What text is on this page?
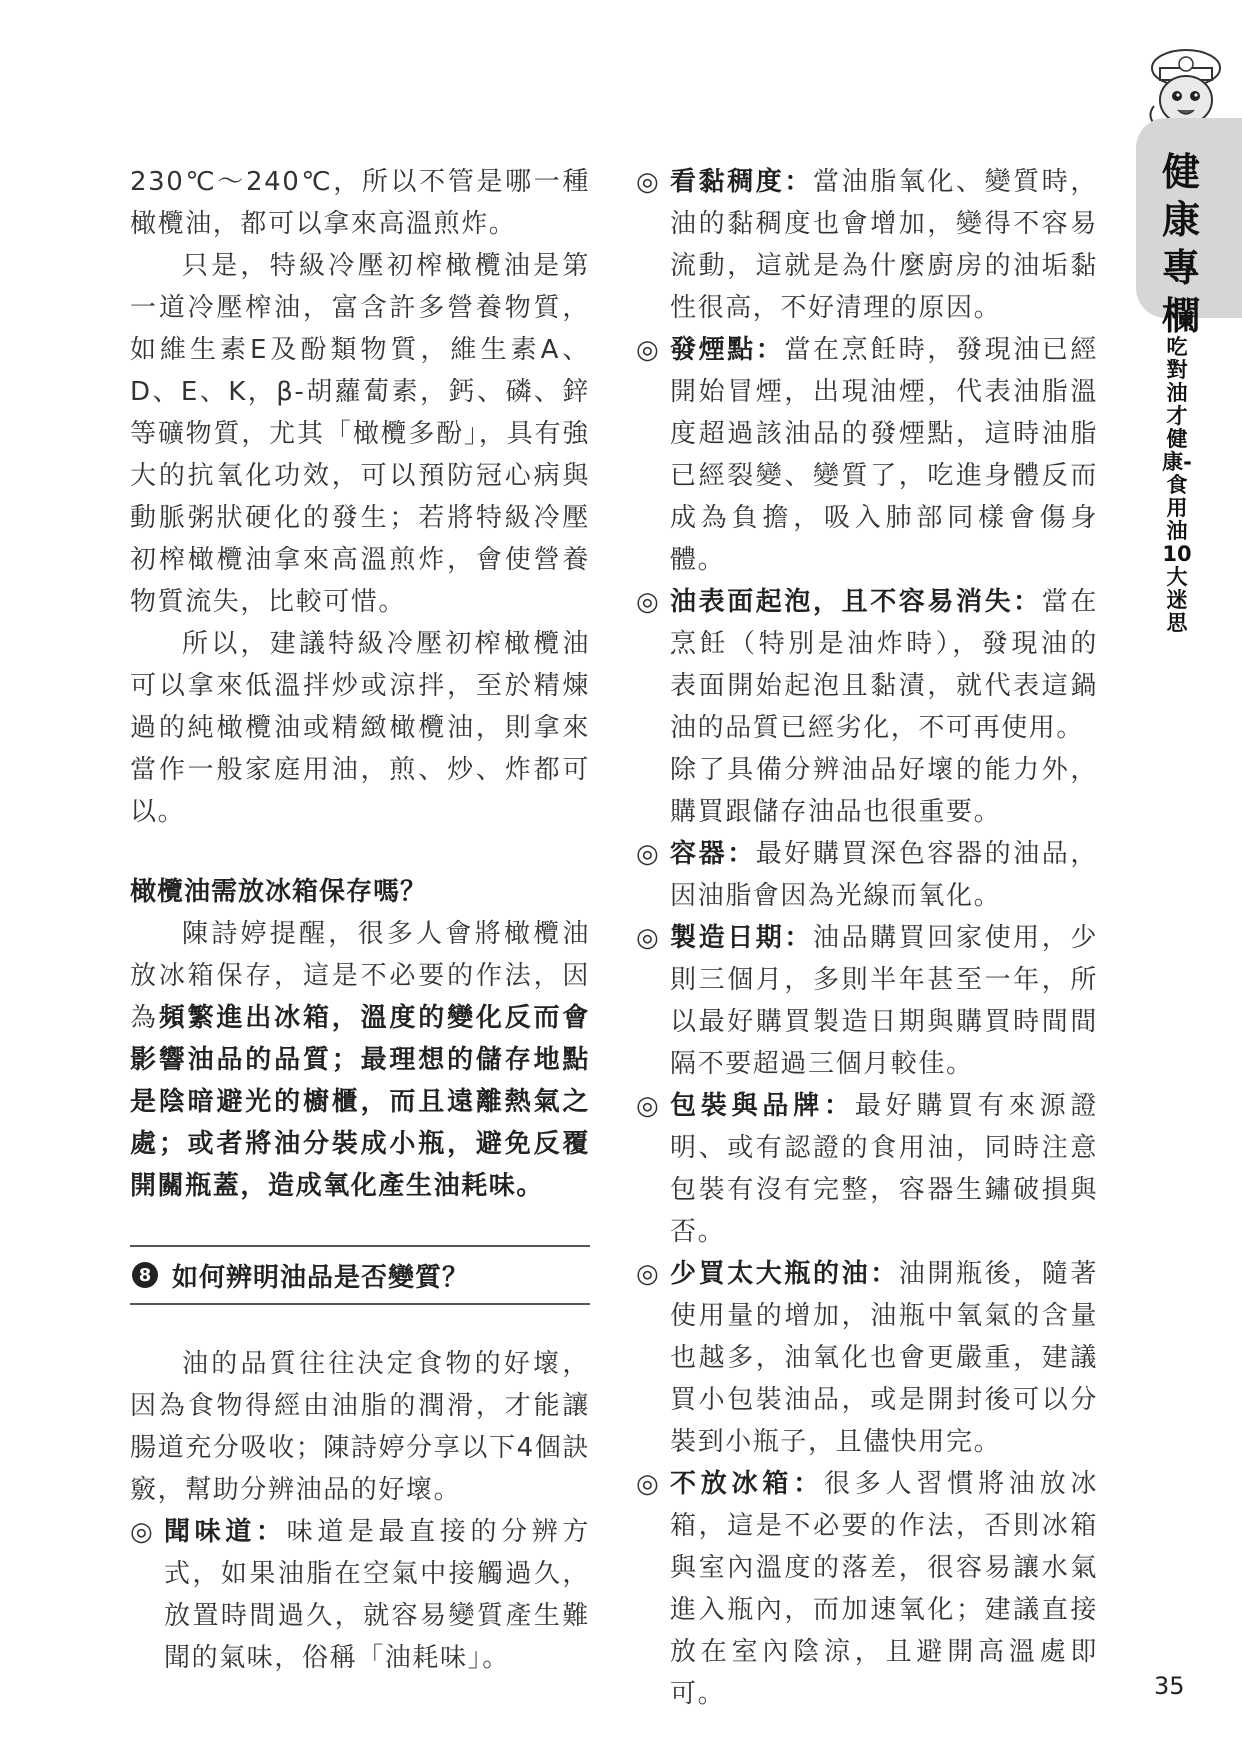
健康專欄
吃對油才健康-食用油10大迷思

230℃～240℃，所以不管是哪一種橄欖油，都可以拿來高溫煎炸。

只是，特級冷壓初榨橄欖油是第一道冷壓榨油，富含許多營養物質，如維生素E及酚類物質，維生素A、D、E、K，β-胡蘿蔔素，鈣、磷、鋅等礦物質，尤其「橄欖多酚」，具有強大的抗氧化功效，可以預防冠心病與動脈粥狀硬化的發生；若將特級冷壓初榨橄欖油拿來高溫煎炸，會使營養物質流失，比較可惜。

所以，建議特級冷壓初榨橄欖油可以拿來低溫拌炒或涼拌，至於精煉過的純橄欖油或精緻橄欖油，則拿來當作一般家庭用油，煎、炒、炸都可以。

橄欖油需放冰箱保存嗎？

陳詩婷提醒，很多人會將橄欖油放冰箱保存，這是不必要的作法，因為頻繁進出冰箱，溫度的變化反而會影響油品的品質；最理想的儲存地點是陰暗避光的櫥櫃，而且遠離熱氣之處；或者將油分裝成小瓶，避免反覆開關瓶蓋，造成氧化產生油耗味。

8 如何辨明油品是否變質？

油的品質往往決定食物的好壞，因為食物得經由油脂的潤滑，才能讓腸道充分吸收；陳詩婷分享以下4個訣竅，幫助分辨油品的好壞。

◎ 聞味道：味道是最直接的分辨方式，如果油脂在空氣中接觸過久，放置時間過久，就容易變質產生難聞的氣味，俗稱「油耗味」。
◎ 看黏稠度：當油脂氧化、變質時，油的黏稠度也會增加，變得不容易流動，這就是為什麼廚房的油垢黏性很高，不好清理的原因。
◎ 發煙點：當在烹飪時，發現油已經開始冒煙，出現油煙，代表油脂溫度超過該油品的發煙點，這時油脂已經裂變、變質了，吃進身體反而成為負擔，吸入肺部同樣會傷身體。
◎ 油表面起泡，且不容易消失：當在烹飪（特別是油炸時），發現油的表面開始起泡且黏漬，就代表這鍋油的品質已經劣化，不可再使用。

除了具備分辨油品好壞的能力外，購買跟儲存油品也很重要。

◎ 容器：最好購買深色容器的油品，因油脂會因為光線而氧化。
◎ 製造日期：油品購買回家使用，少則三個月，多則半年甚至一年，所以最好購買製造日期與購買時間間隔不要超過三個月較佳。
◎ 包裝與品牌：最好購買有來源證明、或有認證的食用油，同時注意包裝有沒有完整，容器生鏽破損與否。
◎ 少買太大瓶的油：油開瓶後，隨著使用量的增加，油瓶中氧氣的含量也越多，油氧化也會更嚴重，建議買小包裝油品，或是開封後可以分裝到小瓶子，且儘快用完。
◎ 不放冰箱：很多人習慣將油放冰箱，這是不必要的作法，否則冰箱與室內溫度的落差，很容易讓水氣進入瓶內，而加速氧化；建議直接放在室內陰涼，且避開高溫處即可。	35
